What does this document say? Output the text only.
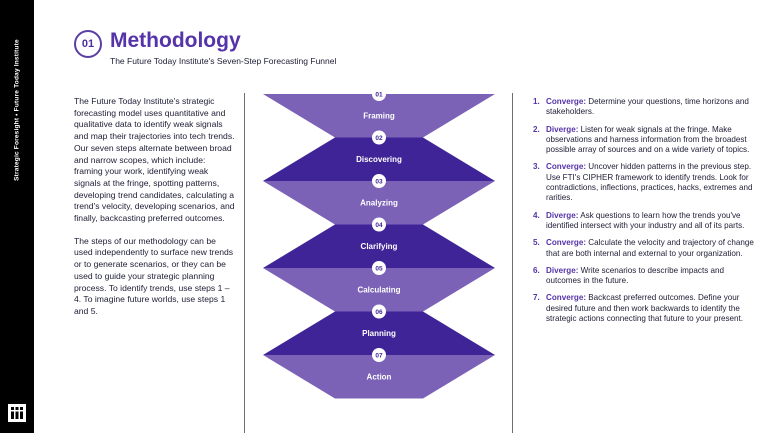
Strategic Foresight • Future Today Institute	01 Methodology
The Future Today Institute's Seven-Step Forecasting Funnel

The Future Today Institute's strategic forecasting model uses quantitative and qualitative data to identify weak signals and map their trajectories into tech trends. Our seven steps alternate between broad and narrow scopes, which include: framing your work, identifying weak signals at the fringe, spotting patterns, developing trend candidates, calculating a trend's velocity, developing scenarios, and finally, backcasting preferred outcomes.

The steps of our methodology can be used independently to surface new trends or to generate scenarios, or they can be used to guide your strategic planning process. To identify trends, use steps 1 – 4. To imagine future worlds, use steps 1 and 5.

01
Framing
02
Discovering
03
Analyzing
04
Clarifying
05
Calculating
06
Planning
07
Action
1. Converge: Determine your questions, time horizons and stakeholders.
2. Diverge: Listen for weak signals at the fringe. Make observations and harness information from the broadest possible array of sources and on a wide variety of topics.
3. Converge: Uncover hidden patterns in the previous step. Use FTI's CIPHER framework to identify trends. Look for contradictions, inflections, practices, hacks, extremes and rarities.
4. Diverge: Ask questions to learn how the trends you've identified intersect with your industry and all of its parts.
5. Converge: Calculate the velocity and trajectory of change that are both internal and external to your organization.
6. Diverge: Write scenarios to describe impacts and outcomes in the future.
7. Converge: Backcast preferred outcomes. Define your desired future and then work backwards to identify the strategic actions connecting that future to your present.
